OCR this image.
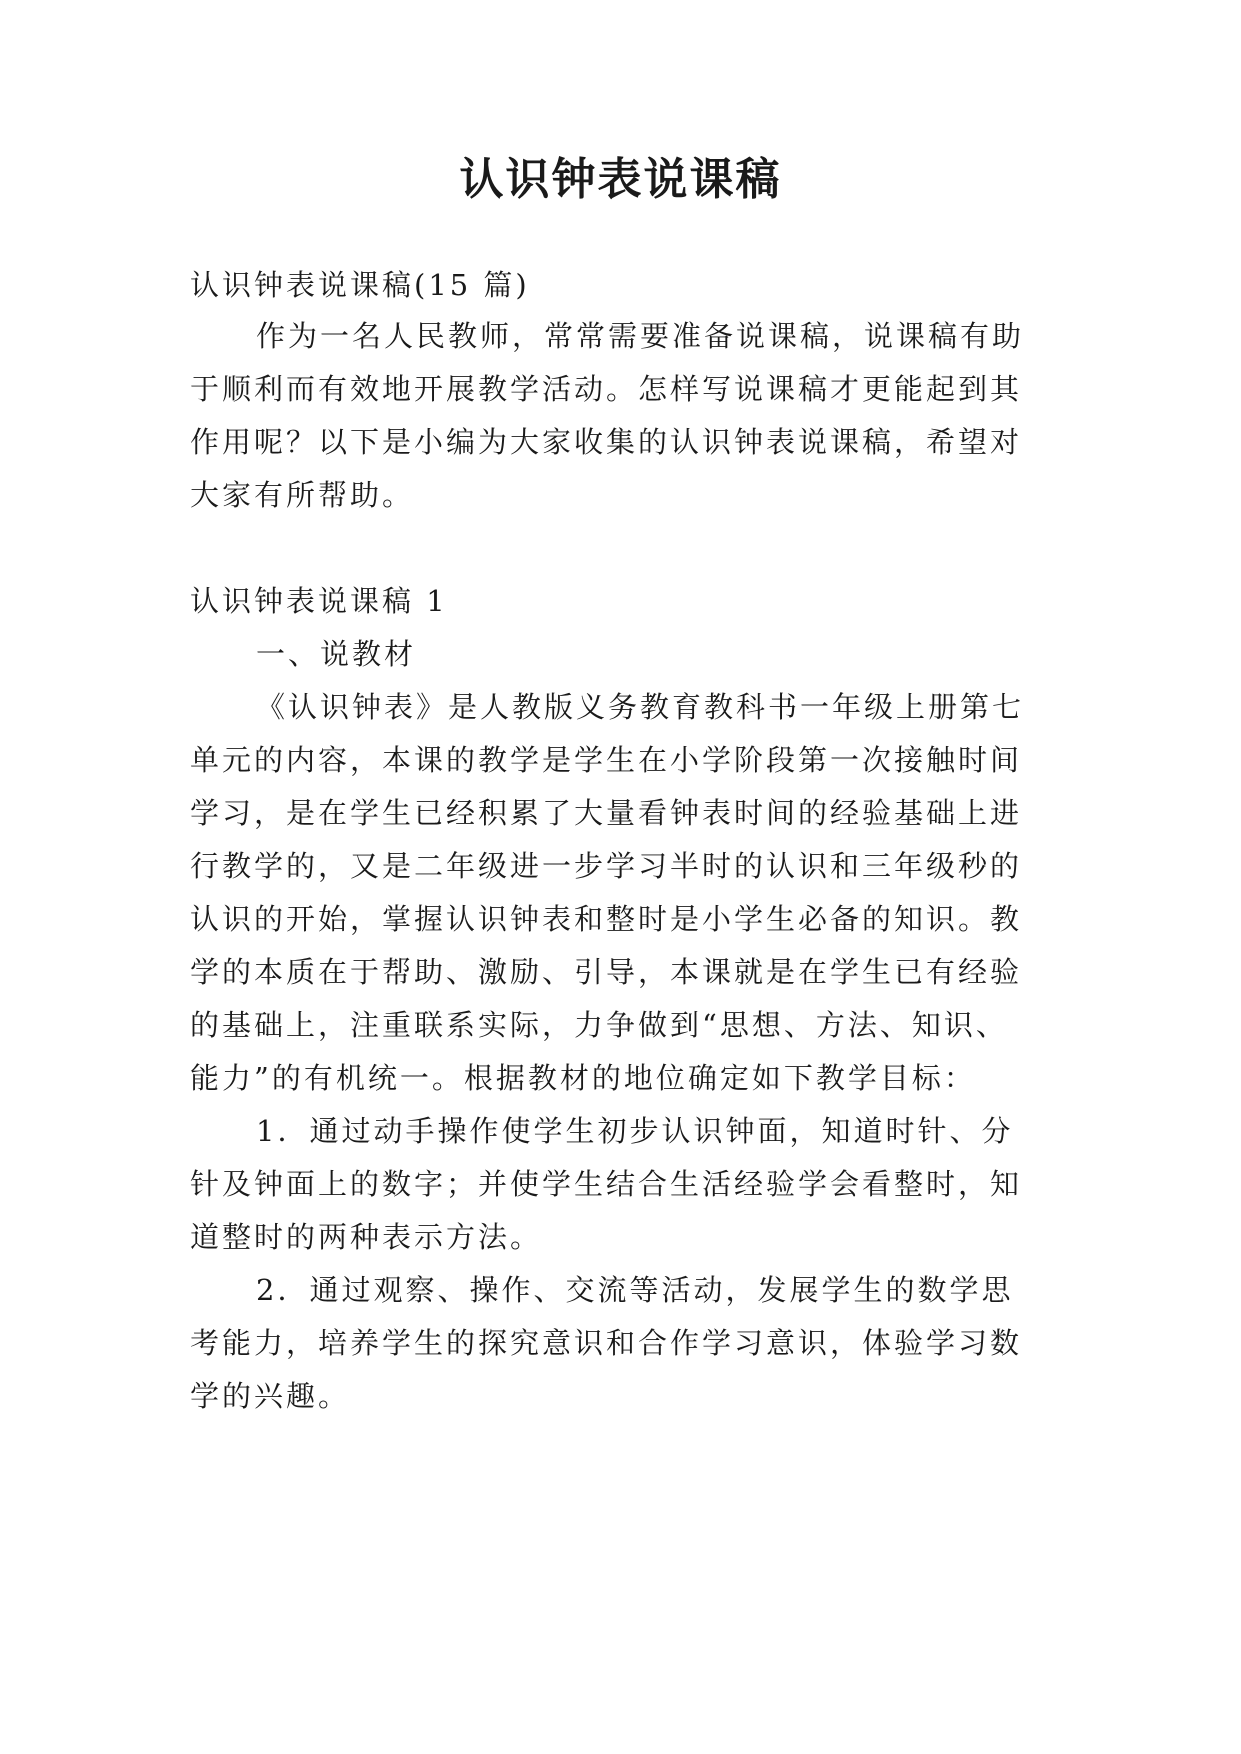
认识钟表说课稿

认识钟表说课稿(15 篇)

作为一名人民教师，常常需要准备说课稿，说课稿有助

于顺利而有效地开展教学活动。怎样写说课稿才更能起到其

作用呢？以下是小编为大家收集的认识钟表说课稿，希望对

大家有所帮助。

认识钟表说课稿 1

一、说教材

《认识钟表》是人教版义务教育教科书一年级上册第七

单元的内容，本课的教学是学生在小学阶段第一次接触时间

学习，是在学生已经积累了大量看钟表时间的经验基础上进

行教学的，又是二年级进一步学习半时的认识和三年级秒的

认识的开始，掌握认识钟表和整时是小学生必备的知识。教

学的本质在于帮助、激励、引导，本课就是在学生已有经验

的基础上，注重联系实际，力争做到“思想、方法、知识、

能力”的有机统一。根据教材的地位确定如下教学目标：

1．通过动手操作使学生初步认识钟面，知道时针、分

针及钟面上的数字；并使学生结合生活经验学会看整时，知

道整时的两种表示方法。

2．通过观察、操作、交流等活动，发展学生的数学思

考能力，培养学生的探究意识和合作学习意识，体验学习数

学的兴趣。
